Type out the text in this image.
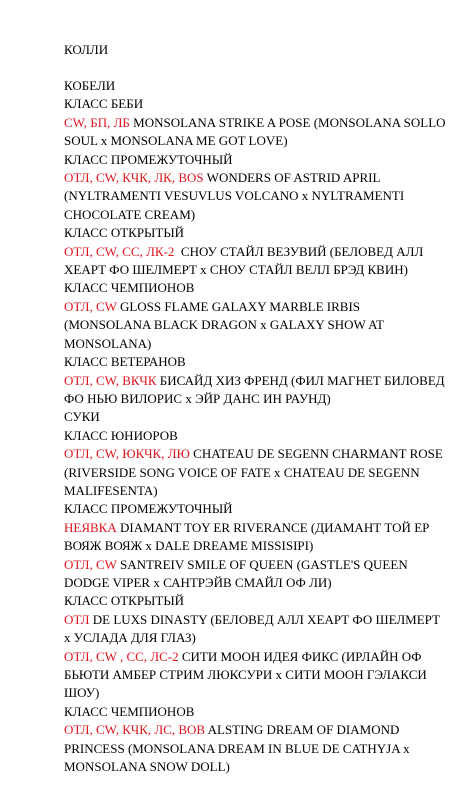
КОЛЛИ

КОБЕЛИ

КЛАСС БЕБИ

CW, БП, ЛБ MONSOLANA STRIKE A POSE (MONSOLANA SOLLO SOUL x MONSOLANA ME GOT LOVE)

КЛАСС ПРОМЕЖУТОЧНЫЙ

ОТЛ, CW, КЧК, ЛК, BOS WONDERS OF ASTRID APRIL (NYLTRAMENTI VESUVLUS VOLCANO x NYLTRAMENTI CHOCOLATE CREAM)

КЛАСС ОТКРЫТЫЙ

ОТЛ, CW, CC, ЛК-2  СНОУ СТАЙЛ ВЕЗУВИЙ (БЕЛОВЕД АЛЛ ХЕАРТ ФО ШЕЛМЕРТ x СНОУ СТАЙЛ ВЕЛЛ БРЭД КВИН)

КЛАСС ЧЕМПИОНОВ

ОТЛ, CW GLOSS FLAME GALAXY MARBLE IRBIS (MONSOLANA BLACK DRAGON x GALAXY SHOW AT MONSOLANA)

КЛАСС ВЕТЕРАНОВ

ОТЛ, CW, ВКЧК БИСАЙД ХИЗ ФРЕНД (ФИЛ МАГНЕТ БИЛОВЕД ФО НЬЮ ВИЛОРИС x ЭЙР ДАНС ИН РАУНД)

СУКИ

КЛАСС ЮНИОРОВ

ОТЛ, CW, ЮКЧК, ЛЮ CHATEAU DE SEGENN CHARMANT ROSE (RIVERSIDE SONG VOICE OF FATE x CHATEAU DE SEGENN MALIFESENTA)

КЛАСС ПРОМЕЖУТОЧНЫЙ

НЕЯВКА DIAMANT TOY ER RIVERANCE (ДИАМАНТ ТОЙ ЕР ВОЯЖ ВОЯЖ x DALE DREAME MISSISIPI)

ОТЛ, CW SANTREIV SMILE OF QUEEN (GASTLE'S QUEEN DODGE VIPER x САНТРЭЙВ СМАЙЛ ОФ ЛИ)

КЛАСС ОТКРЫТЫЙ

ОТЛ DE LUXS DINASTY (БЕЛОВЕД АЛЛ ХЕАРТ ФО ШЕЛМЕРТ x УСЛАДА ДЛЯ ГЛАЗ)

ОТЛ, CW , CC, ЛС-2 СИТИ МООН ИДЕЯ ФИКС (ИРЛАЙН ОФ БЬЮТИ АМБЕР СТРИМ ЛЮКСУРИ x СИТИ МООН ГЭЛАКСИ ШОУ)

КЛАСС ЧЕМПИОНОВ

ОТЛ, CW, КЧК, ЛС, BOB ALSTING DREAM OF DIAMOND PRINCESS (MONSOLANA DREAM IN BLUE DE CATHYJA x MONSOLANA SNOW DOLL)
